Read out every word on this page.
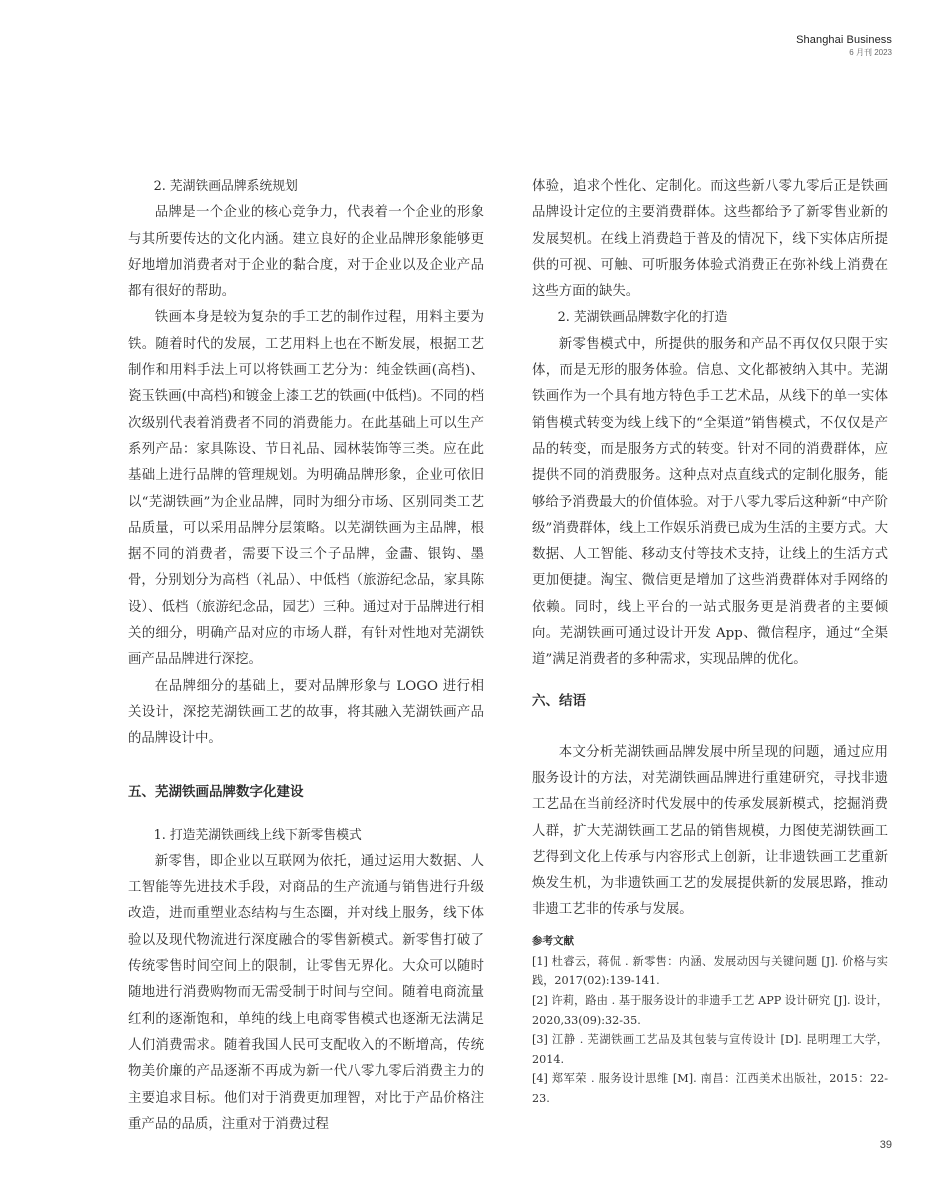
Shanghai Business
6 月刊 2023

2. 芜湖铁画品牌系统规划

品牌是一个企业的核心竞争力，代表着一个企业的形象与其所要传达的文化内涵。建立良好的企业品牌形象能够更好地增加消费者对于企业的黏合度，对于企业以及企业产品都有很好的帮助。

铁画本身是较为复杂的手工艺的制作过程，用料主要为铁。随着时代的发展，工艺用料上也在不断发展，根据工艺制作和用料手法上可以将铁画工艺分为：纯金铁画(高档)、瓷玉铁画(中高档)和镀金上漆工艺的铁画(中低档)。不同的档次级别代表着消费者不同的消费能力。在此基础上可以生产系列产品：家具陈设、节日礼品、园林装饰等三类。应在此基础上进行品牌的管理规划。为明确品牌形象，企业可依旧以“芜湖铁画”为企业品牌，同时为细分市场、区别同类工艺品质量，可以采用品牌分层策略。以芜湖铁画为主品牌，根据不同的消费者，需要下设三个子品牌，金畵、银钩、墨骨，分别划分为高档（礼品）、中低档（旅游纪念品，家具陈设）、低档（旅游纪念品，园艺）三种。通过对于品牌进行相关的细分，明确产品对应的市场人群，有针对性地对芜湖铁画产品品牌进行深挖。

在品牌细分的基础上，要对品牌形象与 LOGO 进行相关设计，深挖芜湖铁画工艺的故事，将其融入芜湖铁画产品的品牌设计中。

五、芜湖铁画品牌数字化建设

1. 打造芜湖铁画线上线下新零售模式

新零售，即企业以互联网为依托，通过运用大数据、人工智能等先进技术手段，对商品的生产流通与销售进行升级改造，进而重塑业态结构与生态圈，并对线上服务，线下体验以及现代物流进行深度融合的零售新模式。新零售打破了传统零售时间空间上的限制，让零售无界化。大众可以随时随地进行消费购物而无需受制于时间与空间。随着电商流量红利的逐渐饱和，单纯的线上电商零售模式也逐渐无法满足人们消费需求。随着我国人民可支配收入的不断增高，传统物美价廉的产品逐渐不再成为新一代八零九零后消费主力的主要追求目标。他们对于消费更加理智，对比于产品价格注重产品的品质，注重对于消费过程

体验，追求个性化、定制化。而这些新八零九零后正是铁画品牌设计定位的主要消费群体。这些都给予了新零售业新的发展契机。在线上消费趋于普及的情况下，线下实体店所提供的可视、可触、可听服务体验式消费正在弥补线上消费在这些方面的缺失。

2. 芜湖铁画品牌数字化的打造

新零售模式中，所提供的服务和产品不再仅仅只限于实体，而是无形的服务体验。信息、文化都被纳入其中。芜湖铁画作为一个具有地方特色手工艺术品，从线下的单一实体销售模式转变为线上线下的“全渠道”销售模式，不仅仅是产品的转变，而是服务方式的转变。针对不同的消费群体，应提供不同的消费服务。这种点对点直线式的定制化服务，能够给予消费最大的价值体验。对于八零九零后这种新“中产阶级”消费群体，线上工作娱乐消费已成为生活的主要方式。大数据、人工智能、移动支付等技术支持，让线上的生活方式更加便捷。淘宝、微信更是增加了这些消费群体对手网络的依赖。同时，线上平台的一站式服务更是消费者的主要倾向。芜湖铁画可通过设计开发 App、微信程序，通过“全渠道”满足消费者的多种需求，实现品牌的优化。

六、结语

本文分析芜湖铁画品牌发展中所呈现的问题，通过应用服务设计的方法，对芜湖铁画品牌进行重建研究，寻找非遗工艺品在当前经济时代发展中的传承发展新模式，挖掘消费人群，扩大芜湖铁画工艺品的销售规模，力图使芜湖铁画工艺得到文化上传承与内容形式上创新，让非遗铁画工艺重新焕发生机，为非遗铁画工艺的发展提供新的发展思路，推动非遗工艺非的传承与发展。

参考文献

[1] 杜睿云，蒋侃 . 新零售：内涵、发展动因与关键问题 [J]. 价格与实践，2017(02):139-141.

[2] 许莉，路由 . 基于服务设计的非遗手工艺 APP 设计研究 [J]. 设计，2020,33(09):32-35.

[3] 江静 . 芜湖铁画工艺品及其包装与宣传设计 [D]. 昆明理工大学，2014.

[4] 郑军荣 . 服务设计思维 [M]. 南昌：江西美术出版社，2015：22-23.

39
